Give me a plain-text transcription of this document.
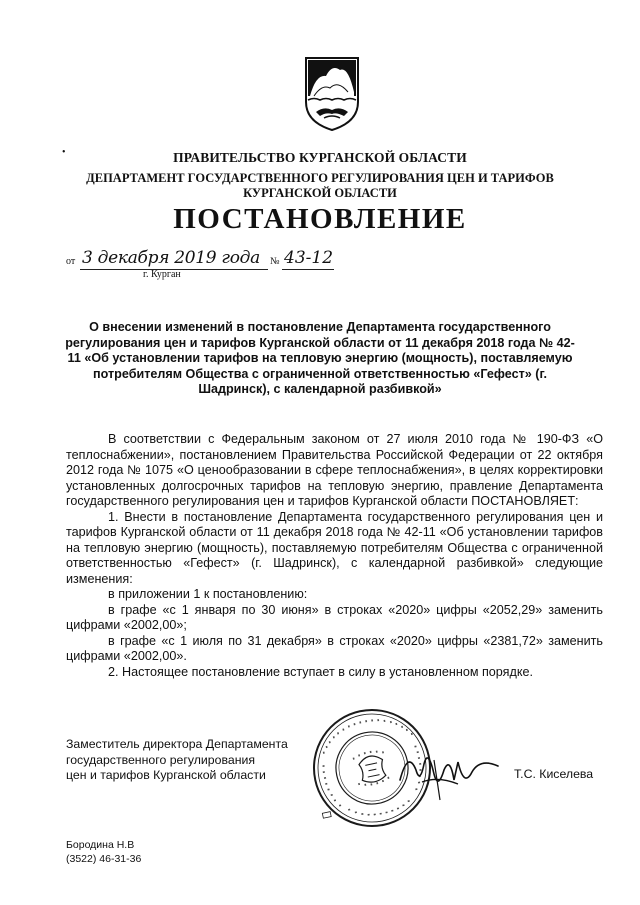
•	ПРАВИТЕЛЬСТВО КУРГАНСКОЙ ОБЛАСТИ
ДЕПАРТАМЕНТ ГОСУДАРСТВЕННОГО РЕГУЛИРОВАНИЯ ЦЕН И ТАРИФОВ
КУРГАНСКОЙ ОБЛАСТИ
ПОСТАНОВЛЕНИЕ
от 3 декабря 2019 года № 43-12
г. Курган
О внесении изменений в постановление Департамента государственного регулирования цен и тарифов Курганской области от 11 декабря 2018 года № 42-11 «Об установлении тарифов на тепловую энергию (мощность), поставляемую потребителям Общества с ограниченной ответственностью «Гефест» (г. Шадринск), с календарной разбивкой»

В соответствии с Федеральным законом от 27 июля 2010 года № 190-ФЗ «О теплоснабжении», постановлением Правительства Российской Федерации от 22 октября 2012 года № 1075 «О ценообразовании в сфере теплоснабжения», в целях корректировки установленных долгосрочных тарифов на тепловую энергию, правление Департамента государственного регулирования цен и тарифов Курганской области ПОСТАНОВЛЯЕТ:

1. Внести в постановление Департамента государственного регулирования цен и тарифов Курганской области от 11 декабря 2018 года № 42-11 «Об установлении тарифов на тепловую энергию (мощность), поставляемую потребителям Общества с ограниченной ответственностью «Гефест» (г. Шадринск), с календарной разбивкой» следующие изменения:

в приложении 1 к постановлению:

в графе «с 1 января по 30 июня» в строках «2020» цифры «2052,29» заменить цифрами «2002,00»;

в графе «с 1 июля по 31 декабря» в строках «2020» цифры «2381,72» заменить цифрами «2002,00».

2. Настоящее постановление вступает в силу в установленном порядке.

Заместитель директора Департамента
государственного регулирования
цен и тарифов Курганской области	Т.С. Киселева
Бородина Н.В
(3522) 46-31-36
